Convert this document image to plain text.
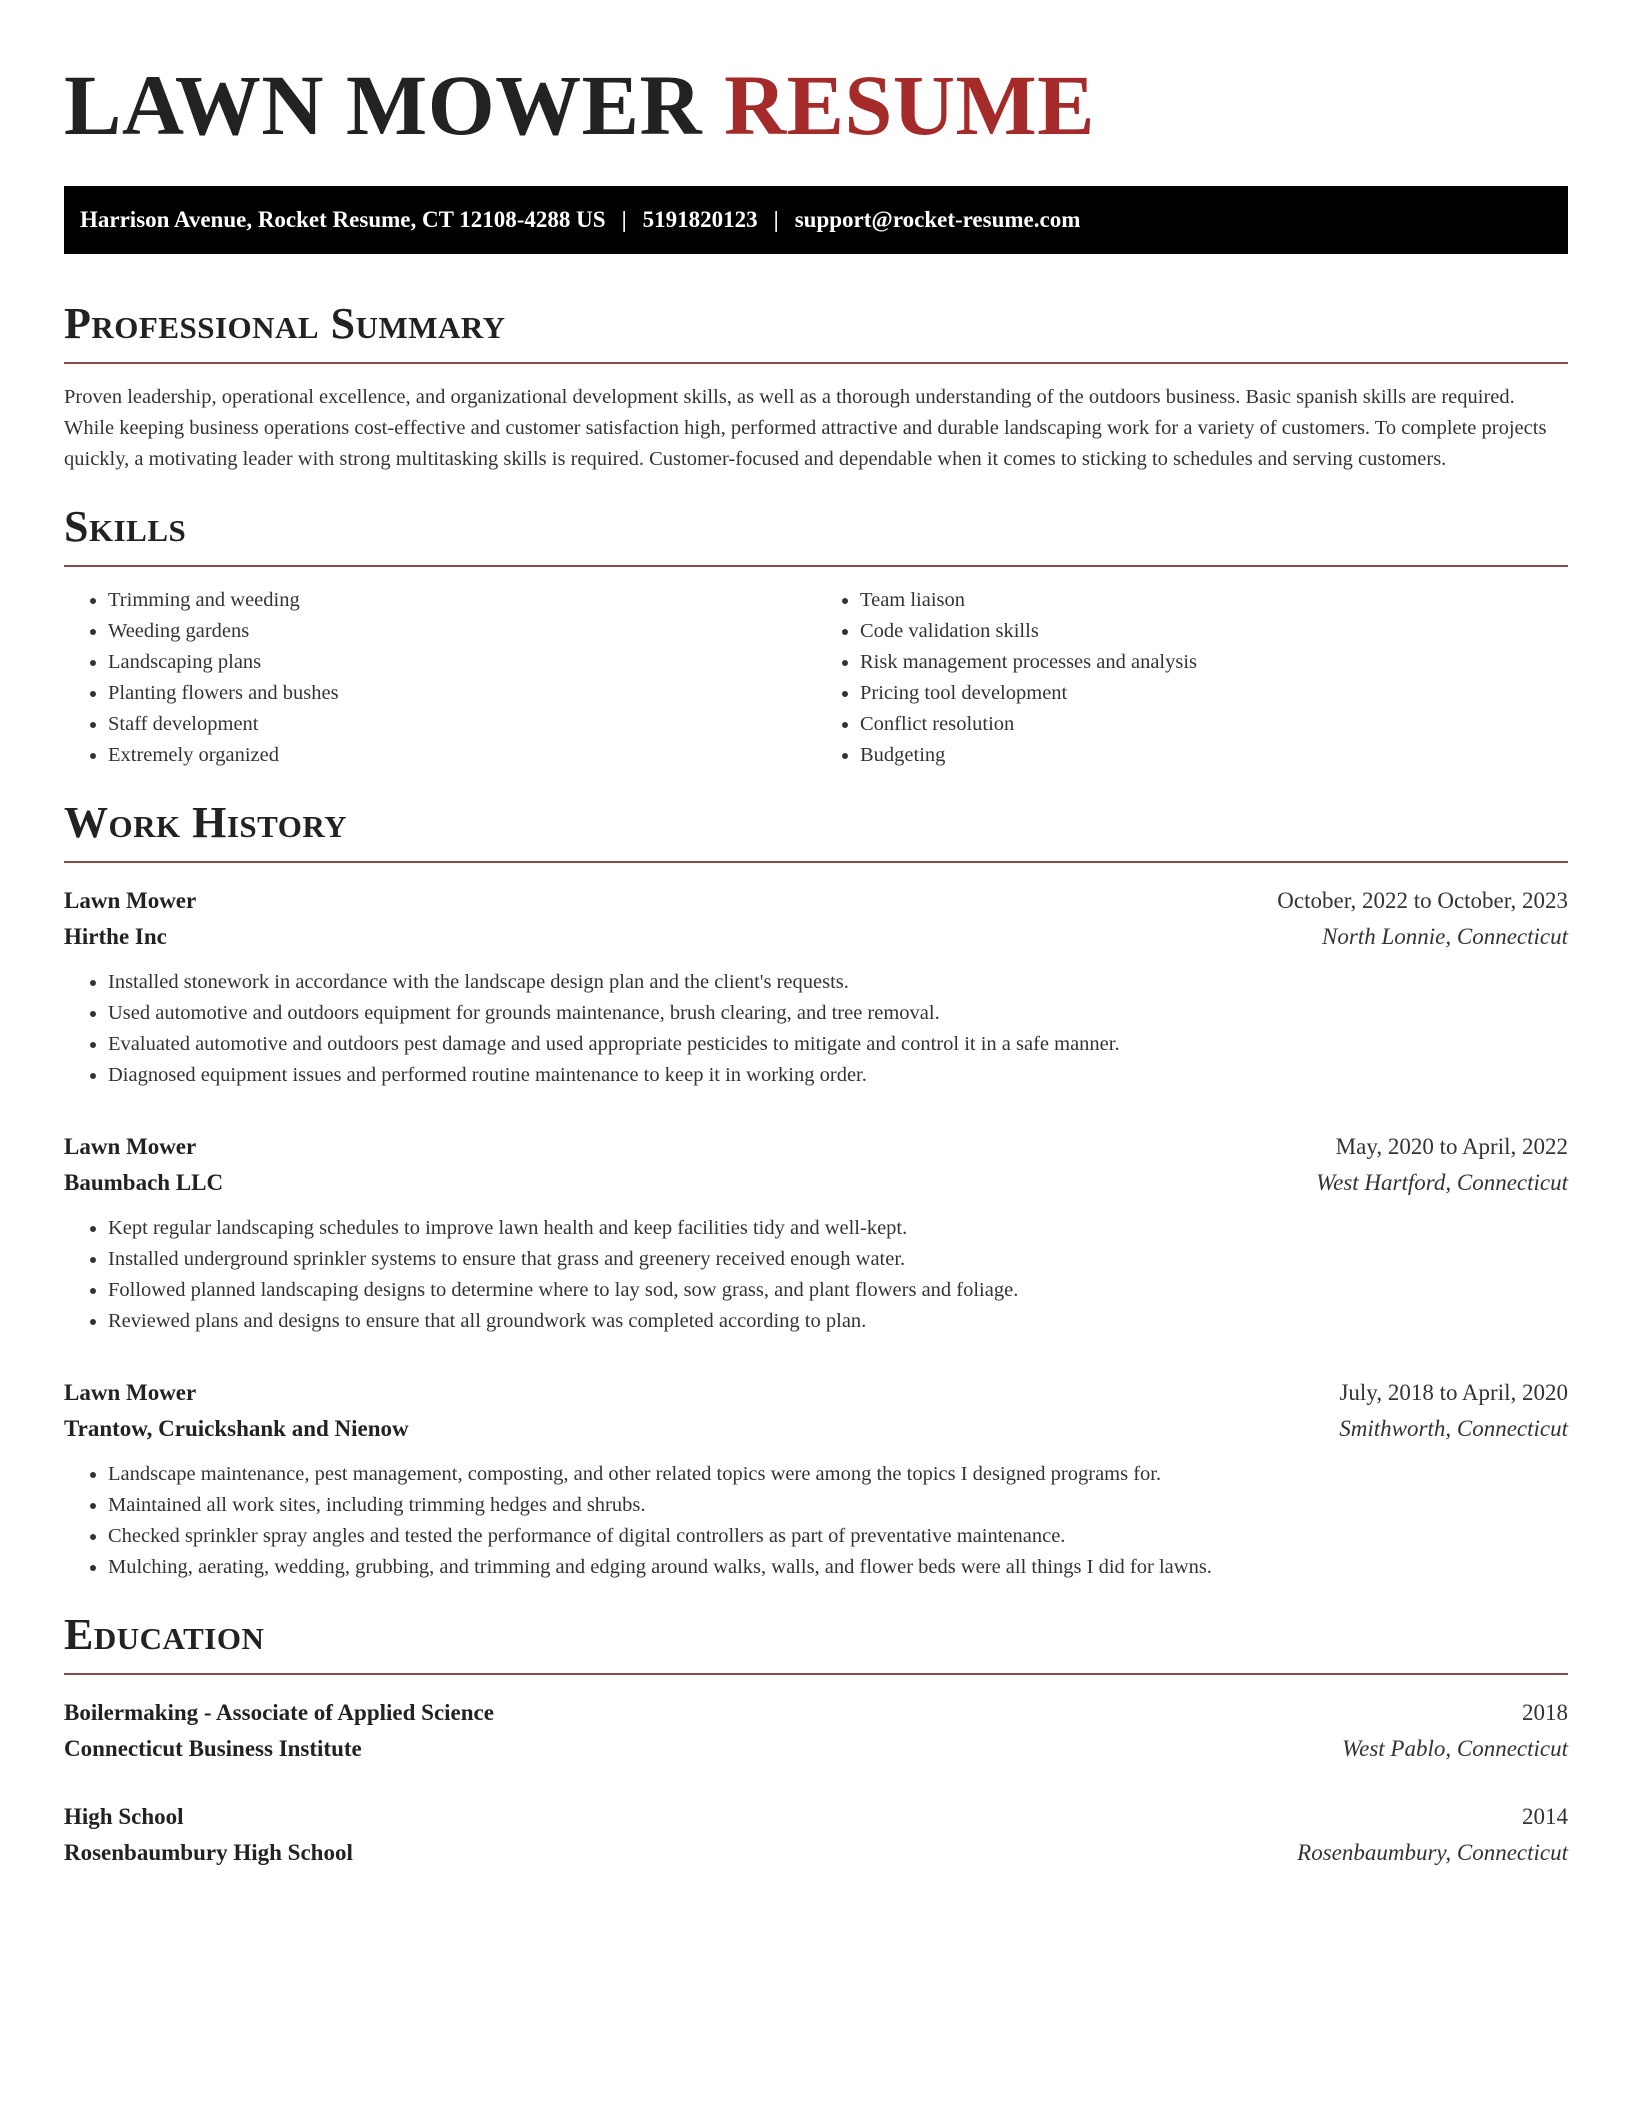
LAWN MOWER RESUME
Harrison Avenue, Rocket Resume, CT 12108-4288 US | 5191820123 | support@rocket-resume.com
Professional Summary

Proven leadership, operational excellence, and organizational development skills, as well as a thorough understanding of the outdoors business. Basic spanish skills are required. While keeping business operations cost-effective and customer satisfaction high, performed attractive and durable landscaping work for a variety of customers. To complete projects quickly, a motivating leader with strong multitasking skills is required. Customer-focused and dependable when it comes to sticking to schedules and serving customers.

Skills
• Trimming and weeding
• Weeding gardens
• Landscaping plans
• Planting flowers and bushes
• Staff development
• Extremely organized
• Team liaison
• Code validation skills
• Risk management processes and analysis
• Pricing tool development
• Conflict resolution
• Budgeting
Work History
Lawn Mower	October, 2022 to October, 2023
Hirthe Inc	North Lonnie, Connecticut
• Installed stonework in accordance with the landscape design plan and the client's requests.
• Used automotive and outdoors equipment for grounds maintenance, brush clearing, and tree removal.
• Evaluated automotive and outdoors pest damage and used appropriate pesticides to mitigate and control it in a safe manner.
• Diagnosed equipment issues and performed routine maintenance to keep it in working order.
Lawn Mower	May, 2020 to April, 2022
Baumbach LLC	West Hartford, Connecticut
• Kept regular landscaping schedules to improve lawn health and keep facilities tidy and well-kept.
• Installed underground sprinkler systems to ensure that grass and greenery received enough water.
• Followed planned landscaping designs to determine where to lay sod, sow grass, and plant flowers and foliage.
• Reviewed plans and designs to ensure that all groundwork was completed according to plan.
Lawn Mower	July, 2018 to April, 2020
Trantow, Cruickshank and Nienow	Smithworth, Connecticut
• Landscape maintenance, pest management, composting, and other related topics were among the topics I designed programs for.
• Maintained all work sites, including trimming hedges and shrubs.
• Checked sprinkler spray angles and tested the performance of digital controllers as part of preventative maintenance.
• Mulching, aerating, wedding, grubbing, and trimming and edging around walks, walls, and flower beds were all things I did for lawns.
Education
Boilermaking - Associate of Applied Science	2018
Connecticut Business Institute	West Pablo, Connecticut
High School	2014
Rosenbaumbury High School	Rosenbaumbury, Connecticut
